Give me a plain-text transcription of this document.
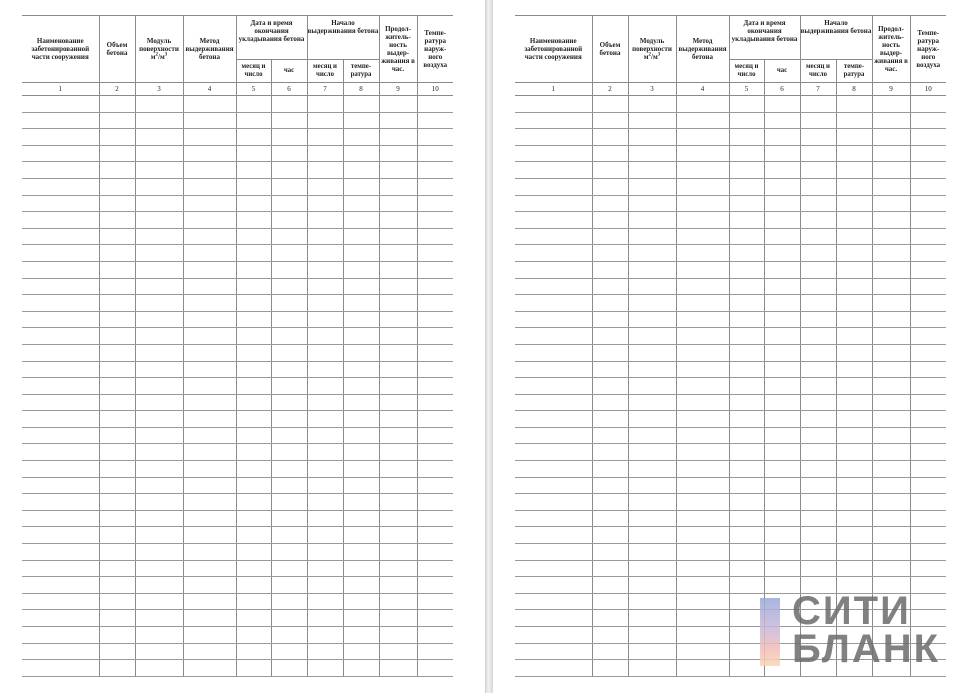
Наименование забетонированной части сооружения	Объем бетона	Модуль поверхности $м^2/м^3$	Метод выдерживания бетона	Дата и время окончания укладывания бетона		Начало выдерживания бетона		Продол-житель-ность выдер-живания в час.	Темпе-ратура наруж-ного воздуха
				месяц и число	час	месяц и число	темпе-ратура		
1	2	3	4	5	6	7	8	9	10

Наименование забетонированной части сооружения	Объем бетона	Модуль поверхности $м^2/м^3$	Метод выдерживания бетона	Дата и время окончания укладывания бетона		Начало выдерживания бетона		Продол-житель-ность выдер-живания в час.	Темпе-ратура наруж-ного воздуха
				месяц и число	час	месяц и число	темпе-ратура		
1	2	3	4	5	6	7	8	9	10

СИТИ
БЛАНК
